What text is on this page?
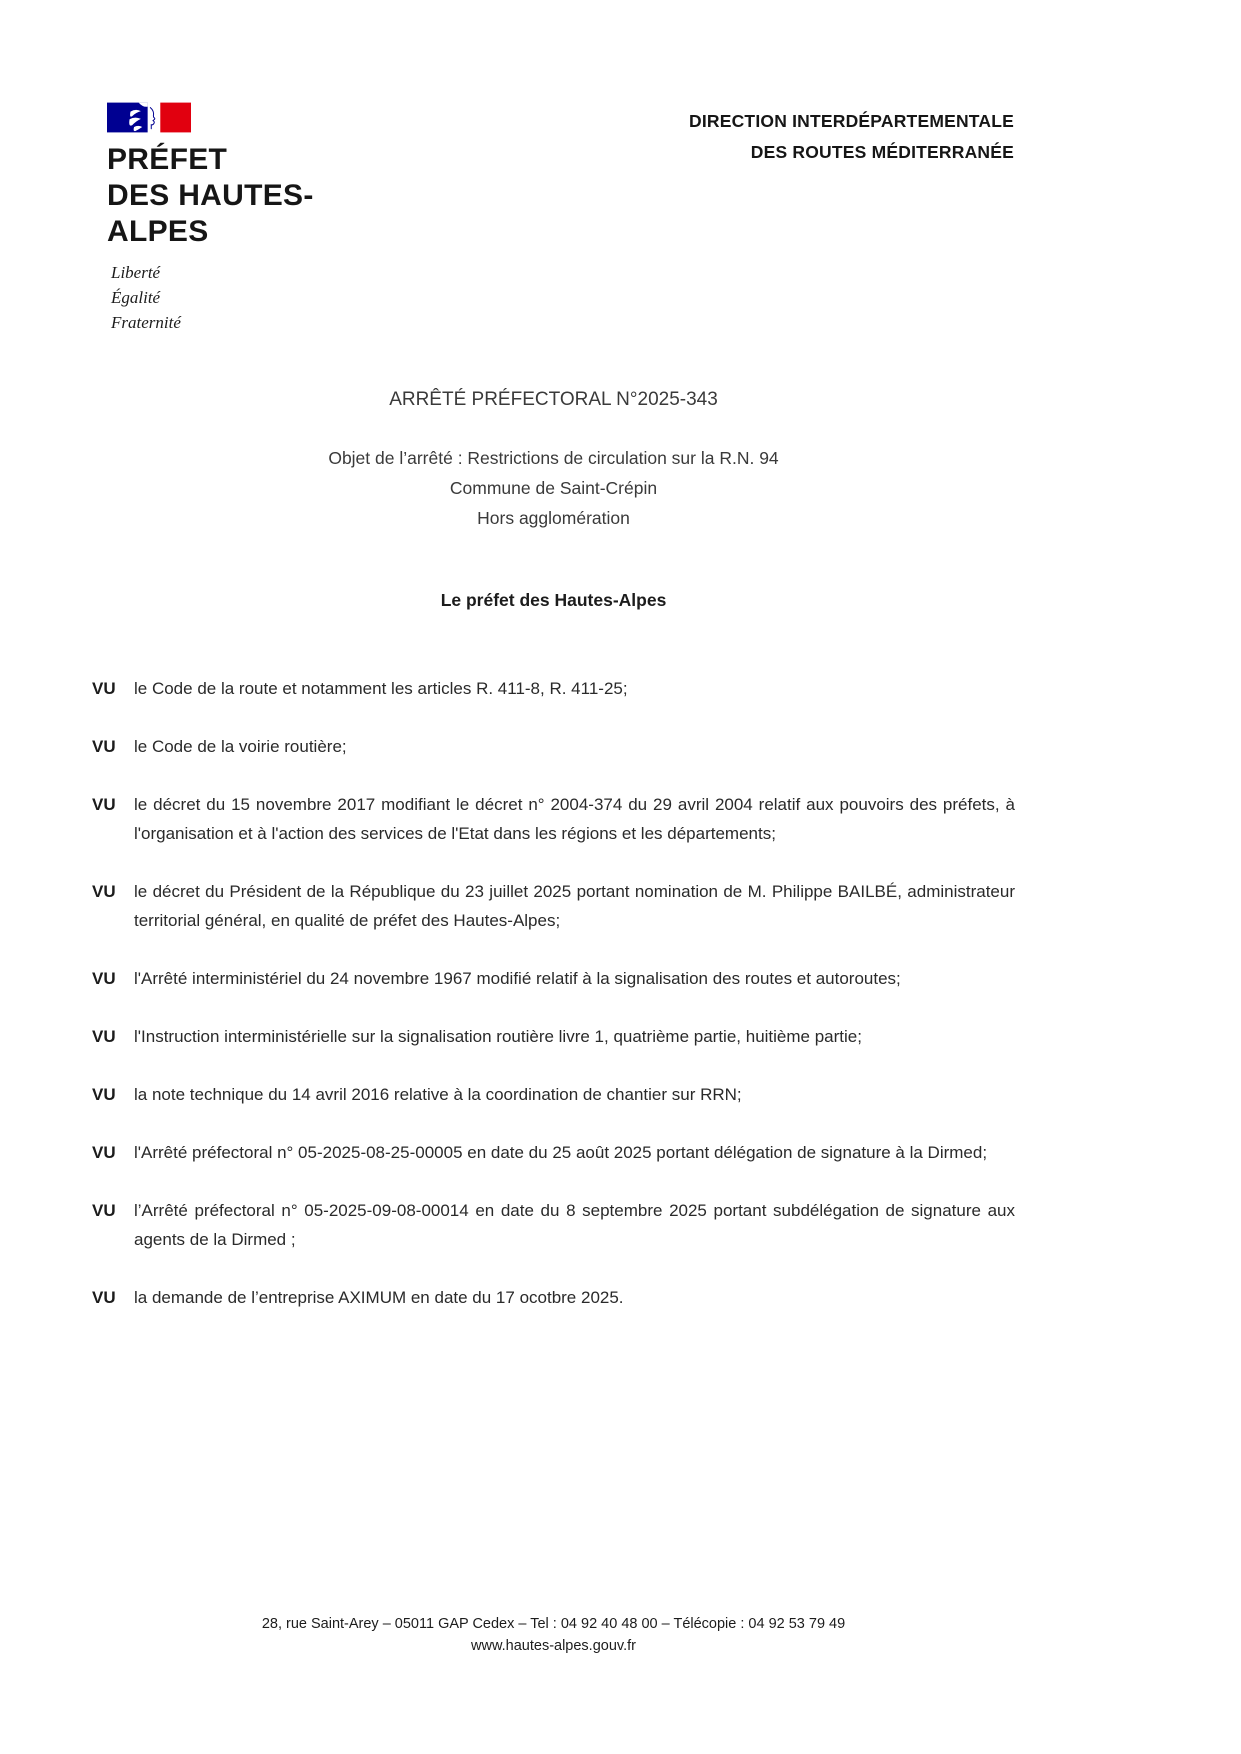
PRÉFET
DES HAUTES-
ALPES
Liberté
Égalité
Fraternité
DIRECTION INTERDÉPARTEMENTALE
DES ROUTES MÉDITERRANÉE

ARRÊTÉ PRÉFECTORAL N°2025-343

Objet de l’arrêté : Restrictions de circulation sur la R.N. 94
Commune de Saint-Crépin
Hors agglomération

Le préfet des Hautes-Alpes

VU	le Code de la route et notamment les articles R. 411-8, R. 411-25;

VU	le Code de la voirie routière;

VU	le décret du 15 novembre 2017 modifiant le décret n° 2004-374 du 29 avril 2004 relatif aux pouvoirs des préfets, à l'organisation et à l'action des services de l'Etat dans les régions et les départements;

VU	le décret du Président de la République du 23 juillet 2025 portant nomination de M. Philippe BAILBÉ, administrateur territorial général, en qualité de préfet des Hautes-Alpes;

VU	l'Arrêté interministériel du 24 novembre 1967 modifié relatif à la signalisation des routes et autoroutes;

VU	l'Instruction interministérielle sur la signalisation routière livre 1, quatrième partie, huitième partie;

VU	la note technique du 14 avril 2016 relative à la coordination de chantier sur RRN;

VU	l'Arrêté préfectoral n° 05-2025-08-25-00005 en date du 25 août 2025 portant délégation de signature à la Dirmed;

VU	l’Arrêté préfectoral n° 05-2025-09-08-00014 en date du 8 septembre 2025 portant subdélégation de signature aux agents de la Dirmed ;

VU	la demande de l’entreprise AXIMUM en date du 17 ocotbre 2025.

28, rue Saint-Arey – 05011 GAP Cedex – Tel : 04 92 40 48 00 – Télécopie : 04 92 53 79 49
www.hautes-alpes.gouv.fr
